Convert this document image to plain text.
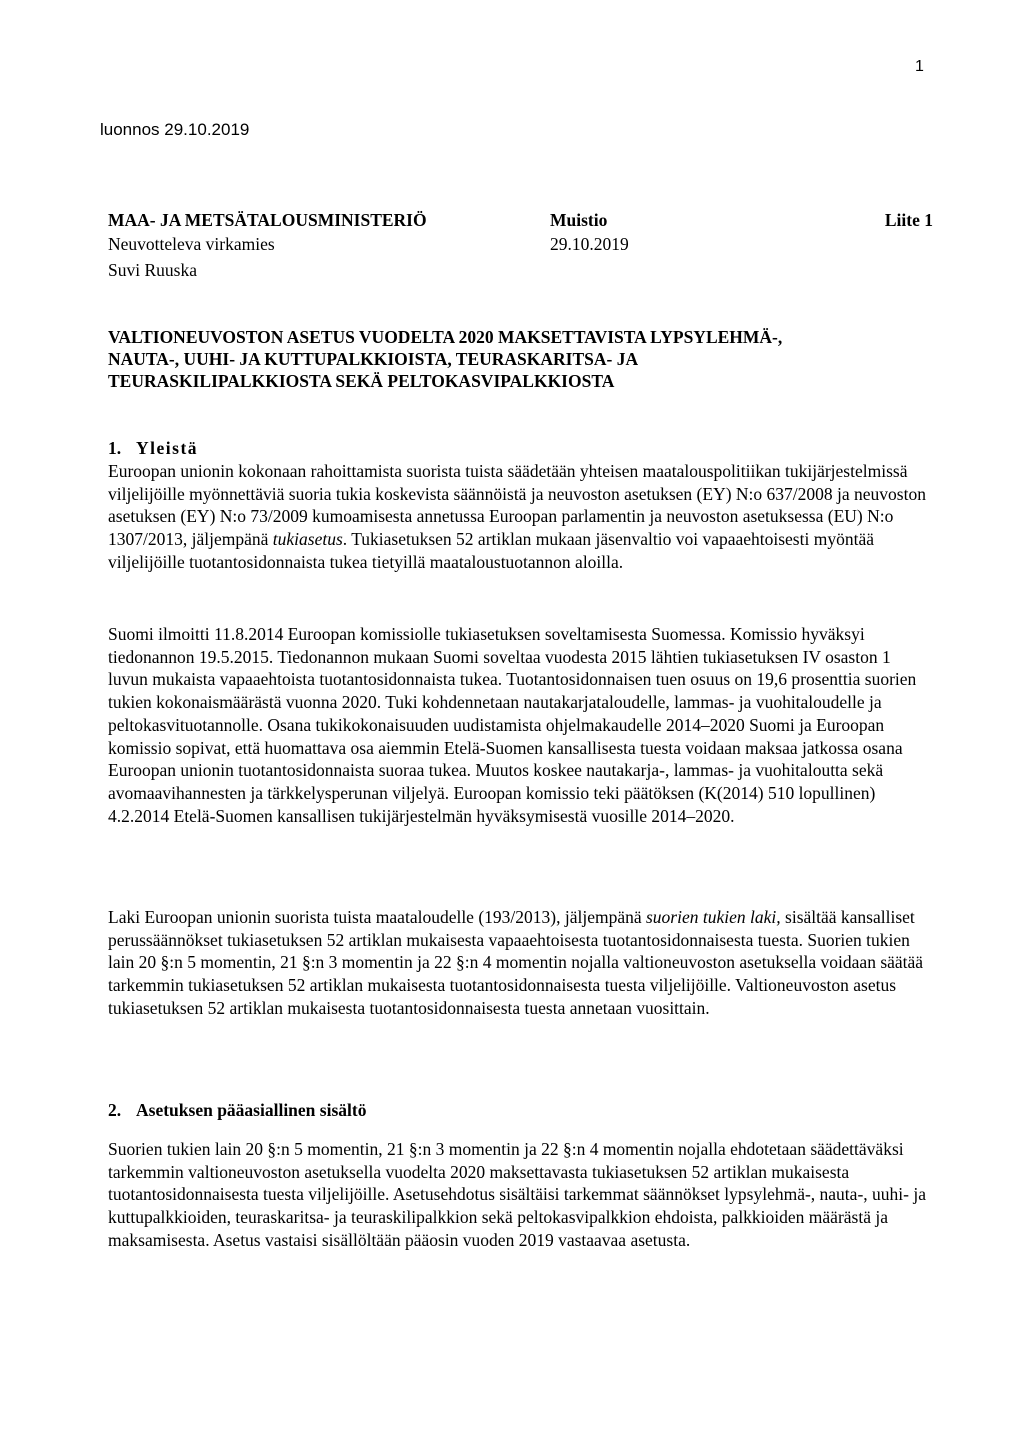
1
luonnos 29.10.2019
MAA- JA METSÄTALOUSMINISTERIÖ	Muistio	Liite 1
Neuvotteleva virkamies	29.10.2019
Suvi Ruuska
VALTIONEUVOSTON ASETUS VUODELTA 2020 MAKSETTAVISTA LYPSYLEHMÄ-,
NAUTA-, UUHI- JA KUTTUPALKKIOISTA, TEURASKARITSA- JA
TEURASKILIPALKKIOSTA SEKÄ PELTOKASVIPALKKIOSTA
1. Yleistä

Euroopan unionin kokonaan rahoittamista suorista tuista säädetään yhteisen maatalouspolitiikan tukijärjestelmissä viljelijöille myönnettäviä suoria tukia koskevista säännöistä ja neuvoston asetuksen (EY) N:o 637/2008 ja neuvoston asetuksen (EY) N:o 73/2009 kumoamisesta annetussa Euroopan parlamentin ja neuvoston asetuksessa (EU) N:o 1307/2013, jäljempänä tukiasetus. Tukiasetuksen 52 artiklan mukaan jäsenvaltio voi vapaaehtoisesti myöntää viljelijöille tuotantosidonnaista tukea tietyillä maataloustuotannon aloilla.

Suomi ilmoitti 11.8.2014 Euroopan komissiolle tukiasetuksen soveltamisesta Suomessa. Komissio hyväksyi tiedonannon 19.5.2015. Tiedonannon mukaan Suomi soveltaa vuodesta 2015 lähtien tukiasetuksen IV osaston 1 luvun mukaista vapaaehtoista tuotantosidonnaista tukea. Tuotantosidonnaisen tuen osuus on 19,6 prosenttia suorien tukien kokonaismäärästä vuonna 2020. Tuki kohdennetaan nautakarjataloudelle, lammas- ja vuohitaloudelle ja peltokasvituotannolle. Osana tukikokonaisuuden uudistamista ohjelmakaudelle 2014–2020 Suomi ja Euroopan komissio sopivat, että huomattava osa aiemmin Etelä-Suomen kansallisesta tuesta voidaan maksaa jatkossa osana Euroopan unionin tuotantosidonnaista suoraa tukea. Muutos koskee nautakarja-, lammas- ja vuohitaloutta sekä avomaavihannesten ja tärkkelysperunan viljelyä. Euroopan komissio teki päätöksen (K(2014) 510 lopullinen) 4.2.2014 Etelä-Suomen kansallisen tukijärjestelmän hyväksymisestä vuosille 2014–2020.

Laki Euroopan unionin suorista tuista maataloudelle (193/2013), jäljempänä suorien tukien laki, sisältää kansalliset perussäännökset tukiasetuksen 52 artiklan mukaisesta vapaaehtoisesta tuotantosidonnaisesta tuesta. Suorien tukien lain 20 §:n 5 momentin, 21 §:n 3 momentin ja 22 §:n 4 momentin nojalla valtioneuvoston asetuksella voidaan säätää tarkemmin tukiasetuksen 52 artiklan mukaisesta tuotantosidonnaisesta tuesta viljelijöille. Valtioneuvoston asetus tukiasetuksen 52 artiklan mukaisesta tuotantosidonnaisesta tuesta annetaan vuosittain.

2. Asetuksen pääasiallinen sisältö

Suorien tukien lain 20 §:n 5 momentin, 21 §:n 3 momentin ja 22 §:n 4 momentin nojalla ehdotetaan säädettäväksi tarkemmin valtioneuvoston asetuksella vuodelta 2020 maksettavasta tukiasetuksen 52 artiklan mukaisesta tuotantosidonnaisesta tuesta viljelijöille. Asetusehdotus sisältäisi tarkemmat säännökset lypsylehmä-, nauta-, uuhi- ja kuttupalkkioiden, teuraskaritsa- ja teuraskilipalkkion sekä peltokasvipalkkion ehdoista, palkkioiden määrästä ja maksamisesta. Asetus vastaisi sisällöltään pääosin vuoden 2019 vastaavaa asetusta.
